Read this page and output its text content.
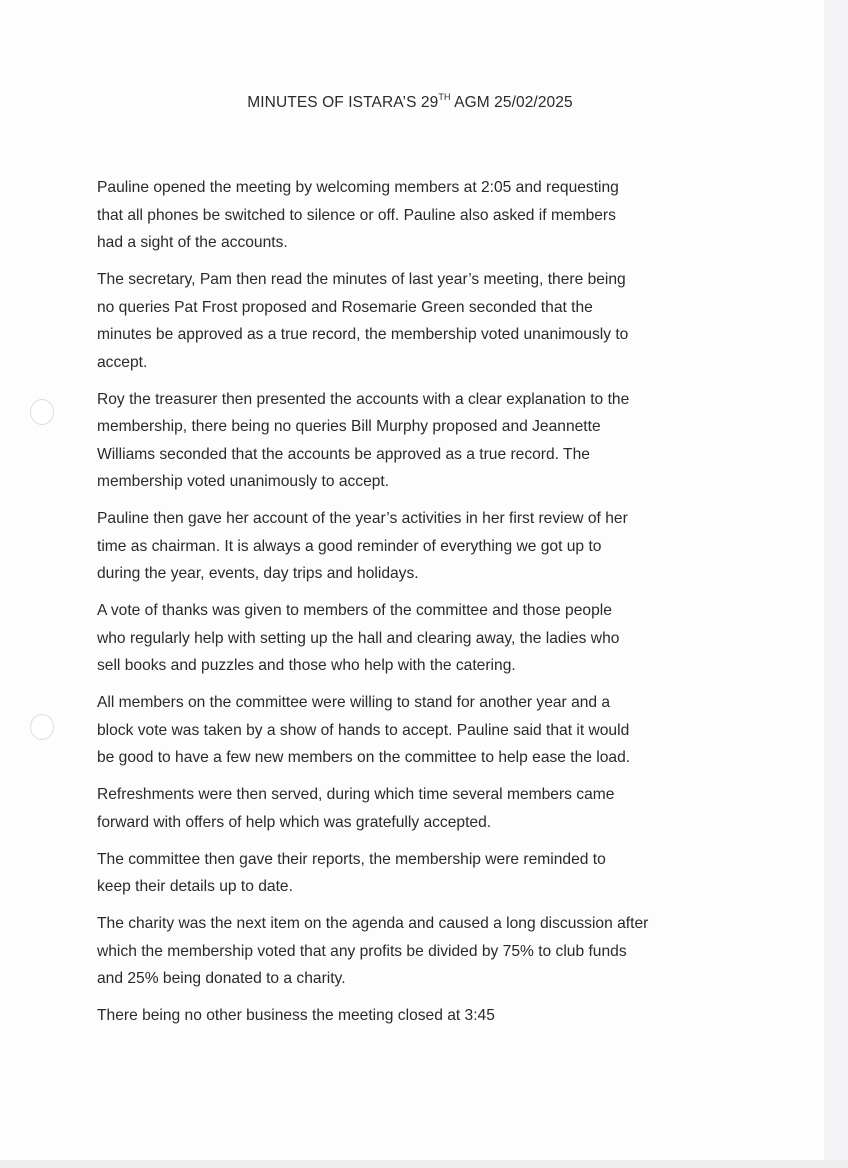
MINUTES OF ISTARA’S 29TH AGM 25/02/2025
Pauline opened the meeting by welcoming members at 2:05 and requesting
that all phones be switched to silence or off. Pauline also asked if members
had a sight of the accounts.
The secretary, Pam then read the minutes of last year’s meeting, there being
no queries Pat Frost proposed and Rosemarie Green seconded that the
minutes be approved as a true record, the membership voted unanimously to
accept.
Roy the treasurer then presented the accounts with a clear explanation to the
membership, there being no queries Bill Murphy proposed and Jeannette
Williams seconded that the accounts be approved as a true record. The
membership voted unanimously to accept.
Pauline then gave her account of the year’s activities in her first review of her
time as chairman. It is always a good reminder of everything we got up to
during the year, events, day trips and holidays.
A vote of thanks was given to members of the committee and those people
who regularly help with setting up the hall and clearing away, the ladies who
sell books and puzzles and those who help with the catering.
All members on the committee were willing to stand for another year and a
block vote was taken by a show of hands to accept. Pauline said that it would
be good to have a few new members on the committee to help ease the load.
Refreshments were then served, during which time several members came
forward with offers of help which was gratefully accepted.
The committee then gave their reports, the membership were reminded to
keep their details up to date.
The charity was the next item on the agenda and caused a long discussion after
which the membership voted that any profits be divided by 75% to club funds
and 25% being donated to a charity.
There being no other business the meeting closed at 3:45
